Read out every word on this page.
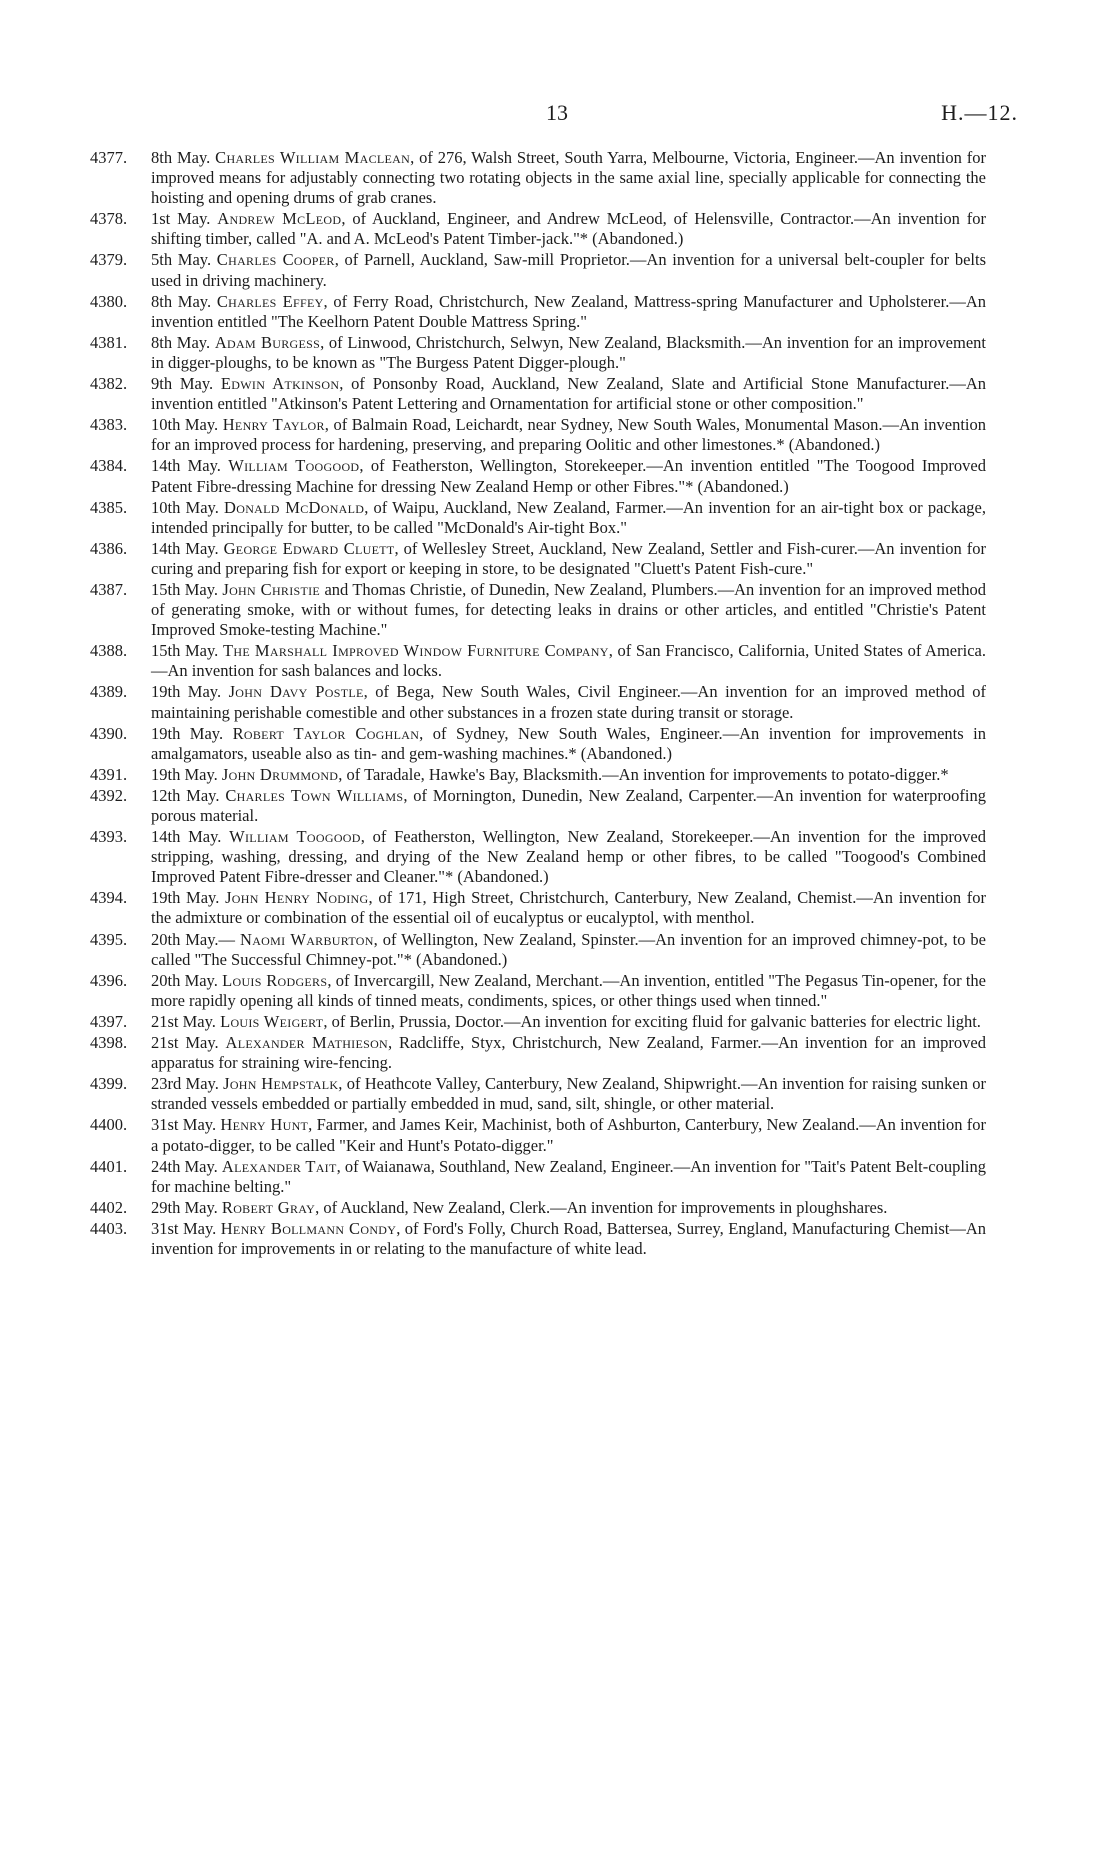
13	H.—12.
4377. 8th May. Charles William Maclean, of 276, Walsh Street, South Yarra, Melbourne, Victoria, Engineer.—An invention for improved means for adjustably connecting two rotating objects in the same axial line, specially applicable for connecting the hoisting and opening drums of grab cranes.
4378. 1st May. Andrew McLeod, of Auckland, Engineer, and Andrew McLeod, of Helensville, Contractor.—An invention for shifting timber, called "A. and A. McLeod's Patent Timber-jack."* (Abandoned.)
4379. 5th May. Charles Cooper, of Parnell, Auckland, Saw-mill Proprietor.—An invention for a universal belt-coupler for belts used in driving machinery.
4380. 8th May. Charles Effey, of Ferry Road, Christchurch, New Zealand, Mattress-spring Manufacturer and Upholsterer.—An invention entitled "The Keelhorn Patent Double Mattress Spring."
4381. 8th May. Adam Burgess, of Linwood, Christchurch, Selwyn, New Zealand, Blacksmith.—An invention for an improvement in digger-ploughs, to be known as "The Burgess Patent Digger-plough."
4382. 9th May. Edwin Atkinson, of Ponsonby Road, Auckland, New Zealand, Slate and Artificial Stone Manufacturer.—An invention entitled "Atkinson's Patent Lettering and Ornamentation for artificial stone or other composition."
4383. 10th May. Henry Taylor, of Balmain Road, Leichardt, near Sydney, New South Wales, Monumental Mason.—An invention for an improved process for hardening, preserving, and preparing Oolitic and other limestones.* (Abandoned.)
4384. 14th May. William Toogood, of Featherston, Wellington, Storekeeper.—An invention entitled "The Toogood Improved Patent Fibre-dressing Machine for dressing New Zealand Hemp or other Fibres."* (Abandoned.)
4385. 10th May. Donald McDonald, of Waipu, Auckland, New Zealand, Farmer.—An invention for an air-tight box or package, intended principally for butter, to be called "McDonald's Air-tight Box."
4386. 14th May. George Edward Cluett, of Wellesley Street, Auckland, New Zealand, Settler and Fish-curer.—An invention for curing and preparing fish for export or keeping in store, to be designated "Cluett's Patent Fish-cure."
4387. 15th May. John Christie and Thomas Christie, of Dunedin, New Zealand, Plumbers.—An invention for an improved method of generating smoke, with or without fumes, for detecting leaks in drains or other articles, and entitled "Christie's Patent Improved Smoke-testing Machine."
4388. 15th May. The Marshall Improved Window Furniture Company, of San Francisco, California, United States of America.—An invention for sash balances and locks.
4389. 19th May. John Davy Postle, of Bega, New South Wales, Civil Engineer.—An invention for an improved method of maintaining perishable comestible and other substances in a frozen state during transit or storage.
4390. 19th May. Robert Taylor Coghlan, of Sydney, New South Wales, Engineer.—An invention for improvements in amalgamators, useable also as tin- and gem-washing machines.* (Abandoned.)
4391. 19th May. John Drummond, of Taradale, Hawke's Bay, Blacksmith.—An invention for improvements to potato-digger.*
4392. 12th May. Charles Town Williams, of Mornington, Dunedin, New Zealand, Carpenter.—An invention for waterproofing porous material.
4393. 14th May. William Toogood, of Featherston, Wellington, New Zealand, Storekeeper.—An invention for the improved stripping, washing, dressing, and drying of the New Zealand hemp or other fibres, to be called "Toogood's Combined Improved Patent Fibre-dresser and Cleaner."* (Abandoned.)
4394. 19th May. John Henry Noding, of 171, High Street, Christchurch, Canterbury, New Zealand, Chemist.—An invention for the admixture or combination of the essential oil of eucalyptus or eucalyptol, with menthol.
4395. 20th May.— Naomi Warburton, of Wellington, New Zealand, Spinster.—An invention for an improved chimney-pot, to be called "The Successful Chimney-pot."* (Abandoned.)
4396. 20th May. Louis Rodgers, of Invercargill, New Zealand, Merchant.—An invention, entitled "The Pegasus Tin-opener, for the more rapidly opening all kinds of tinned meats, condiments, spices, or other things used when tinned."
4397. 21st May. Louis Weigert, of Berlin, Prussia, Doctor.—An invention for exciting fluid for galvanic batteries for electric light.
4398. 21st May. Alexander Mathieson, Radcliffe, Styx, Christchurch, New Zealand, Farmer.—An invention for an improved apparatus for straining wire-fencing.
4399. 23rd May. John Hempstalk, of Heathcote Valley, Canterbury, New Zealand, Shipwright.—An invention for raising sunken or stranded vessels embedded or partially embedded in mud, sand, silt, shingle, or other material.
4400. 31st May. Henry Hunt, Farmer, and James Keir, Machinist, both of Ashburton, Canterbury, New Zealand.—An invention for a potato-digger, to be called "Keir and Hunt's Potato-digger."
4401. 24th May. Alexander Tait, of Waianawa, Southland, New Zealand, Engineer.—An invention for "Tait's Patent Belt-coupling for machine belting."
4402. 29th May. Robert Gray, of Auckland, New Zealand, Clerk.—An invention for improvements in ploughshares.
4403. 31st May. Henry Bollmann Condy, of Ford's Folly, Church Road, Battersea, Surrey, England, Manufacturing Chemist—An invention for improvements in or relating to the manufacture of white lead.
